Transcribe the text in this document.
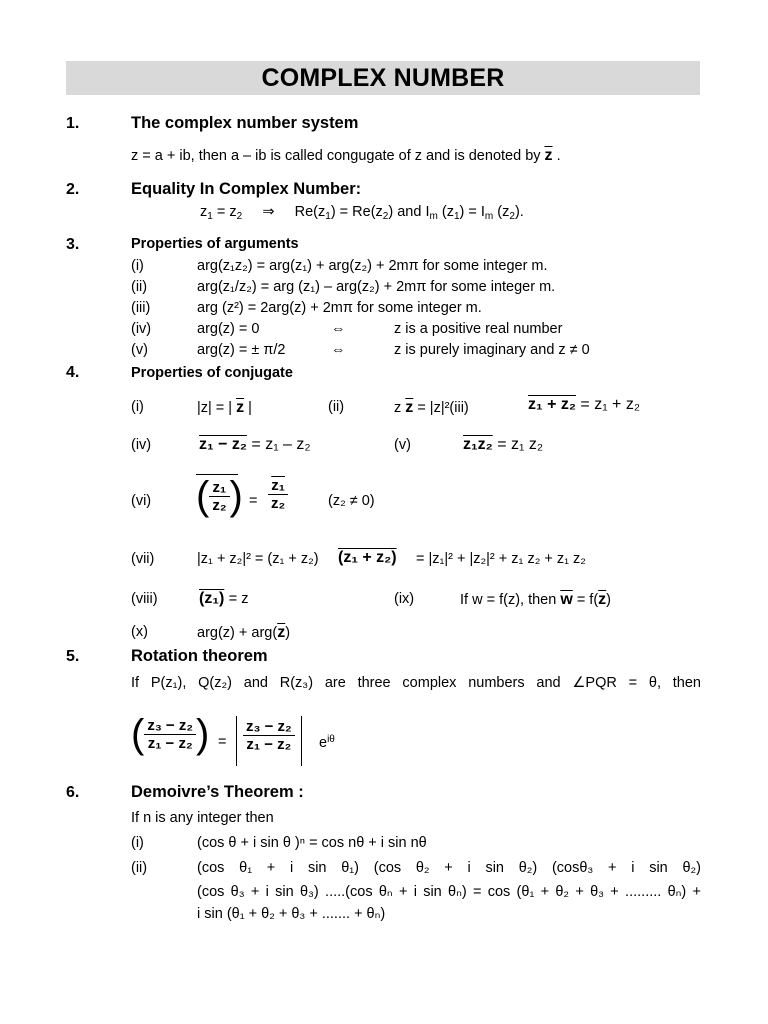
COMPLEX NUMBER
1.	The complex number system
z = a + ib, then a – ib is called congugate of z and is denoted by $\overline{z}$ .
2.	Equality In Complex Number:
$z_1 = z_2$ ⇒ $Re(z_1) = Re(z_2)$ and $I_m$ $(z_1) = I_m$ $(z_2)$.
3.	Properties of arguments
(i)	arg(z₁z₂) = arg(z₁) + arg(z₂) + 2mπ for some integer m.
(ii)	arg(z₁/z₂) = arg (z₁) – arg(z₂) + 2mπ for some integer m.
(iii)	arg (z²) = 2arg(z) + 2mπ for some integer m.
(iv)	arg(z) = 0	⇔	z is a positive real number
(v)	arg(z) = ± π/2	⇔	z is purely imaginary and z ≠ 0
4.	Properties of conjugate
(i)	|z| = | $\overline{z}$ |	(ii)	z $\overline{z} = |z|^2(iii)$	z₁ + z₂ = z₁ + z₂
(iv)	z₁ − z₂ = z₁ – z₂	(v)	z₁z₂ = z₁ z₂
(vi) ( $\frac{\text{z₁}}{\text{z₂}}$ ) = $\frac{\text{z₁}}{\text{z₂}}$	(z₂ ≠ 0)
(vii)	|z₁ + z₂|² = (z₁ + z₂) (z₁ + z₂) = |z₁|² + |z₂|² + z₁ z₂ + z₁ z₂
(viii)	(z₁) = z	(ix)	If w = f(z), then $\overline{w} = f(\overline{z})$
(x)	$arg(z) + arg(\overline{z})$
5.	Rotation theorem
If P(z₁), Q(z₂) and R(z₃) are three complex numbers and ∠PQR = θ, then
( $\frac{\text{z₃ − z₂}}{\text{z₁ − z₂}}$ ) = $\frac{\text{z₃ − z₂}}{\text{z₁ − z₂}} e^{i\theta}$
6.	Demoivre’s Theorem :
If n is any integer then
(i)	(cos θ + i sin θ )ⁿ = cos nθ + i sin nθ
(ii)	(cos θ₁ + i sin θ₁) (cos θ₂ + i sin θ₂) (cosθ₃ + i sin θ₂)
(cos θ₃ + i sin θ₃) .....(cos θₙ + i sin θₙ) = cos (θ₁ + θ₂ + θ₃ + ......... θₙ) +
i sin (θ₁ + θ₂ + θ₃ + ....... + θₙ)
